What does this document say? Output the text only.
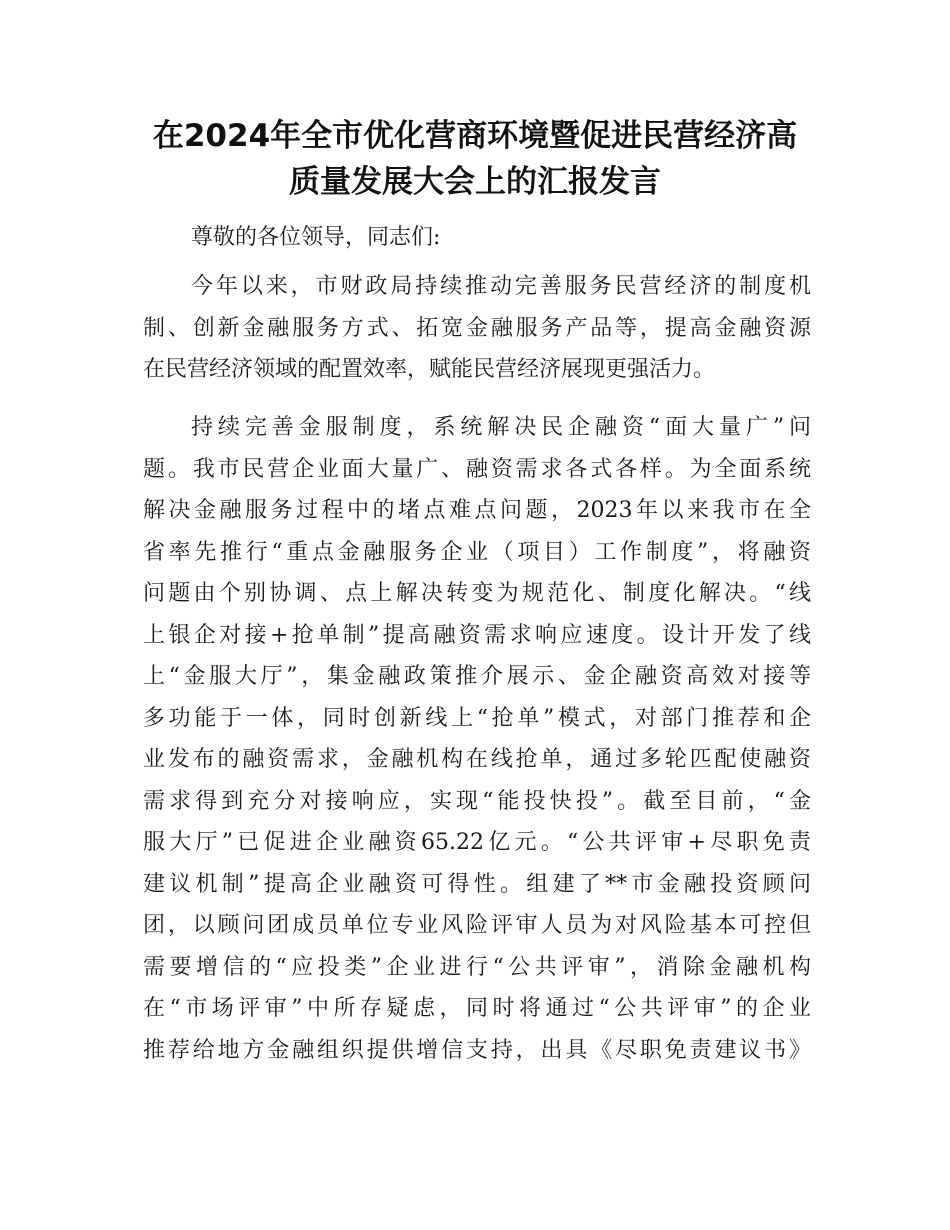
在2024年全市优化营商环境暨促进民营经济高
质量发展大会上的汇报发言
尊敬的各位领导，同志们:

今年以来，市财政局持续推动完善服务民营经济的制度机

制、创新金融服务方式、拓宽金融服务产品等，提高金融资源

在民营经济领域的配置效率，赋能民营经济展现更强活力。

持续完善金服制度，系统解决民企融资“面大量广”问

题。我市民营企业面大量广、融资需求各式各样。为全面系统

解决金融服务过程中的堵点难点问题，2023年以来我市在全

省率先推行“重点金融服务企业（项目）工作制度”，将融资

问题由个别协调、点上解决转变为规范化、制度化解决。“线

上银企对接+抢单制”提高融资需求响应速度。设计开发了线

上“金服大厅”，集金融政策推介展示、金企融资高效对接等

多功能于一体，同时创新线上“抢单”模式，对部门推荐和企

业发布的融资需求，金融机构在线抢单，通过多轮匹配使融资

需求得到充分对接响应，实现“能投快投”。截至目前，“金

服大厅”已促进企业融资65.22亿元。“公共评审+尽职免责

建议机制”提高企业融资可得性。组建了**市金融投资顾问

团，以顾问团成员单位专业风险评审人员为对风险基本可控但

需要增信的“应投类”企业进行“公共评审”，消除金融机构

在“市场评审”中所存疑虑，同时将通过“公共评审”的企业

推荐给地方金融组织提供增信支持，出具《尽职免责建议书》
